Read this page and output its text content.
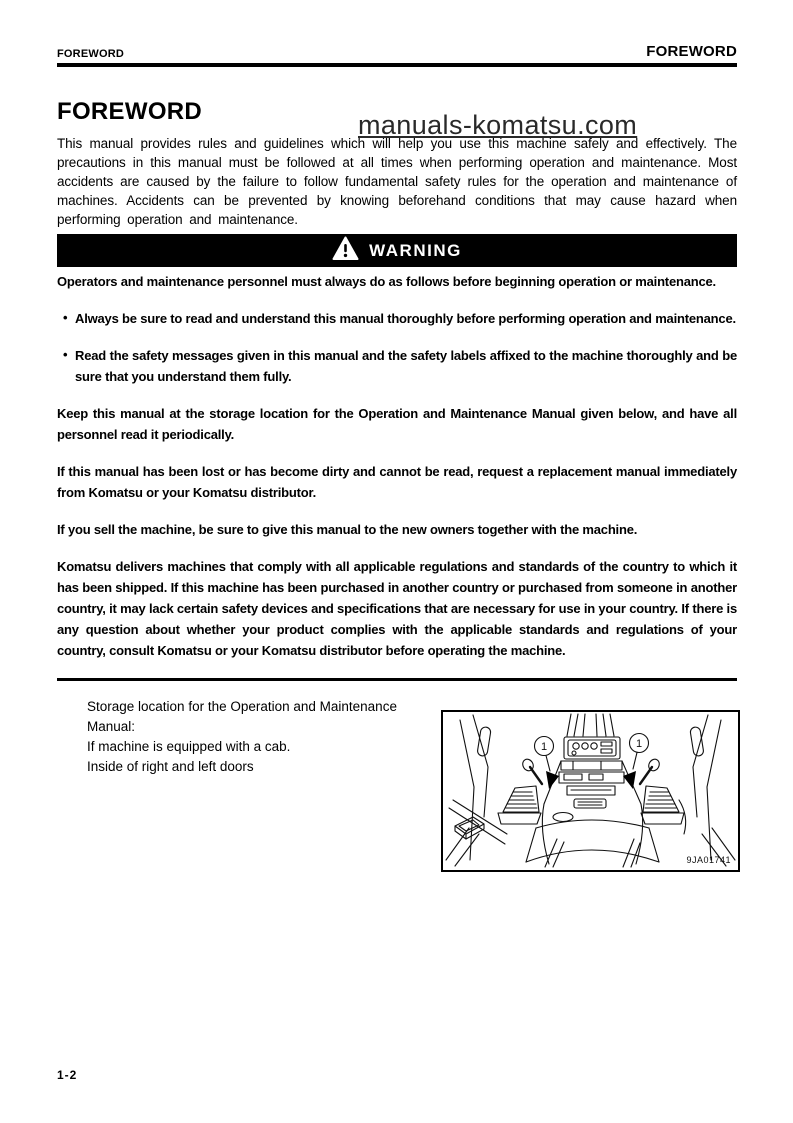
manuals-komatsu.com
FOREWORD	FOREWORD
FOREWORD

This manual provides rules and guidelines which will help you use this machine safely and effectively. The precautions in this manual must be followed at all times when performing operation and maintenance. Most accidents are caused by the failure to follow fundamental safety rules for the operation and maintenance of machines. Accidents can be prevented by knowing beforehand conditions that may cause hazard when performing operation and maintenance.

WARNING

Operators and maintenance personnel must always do as follows before beginning operation or maintenance.

• Always be sure to read and understand this manual thoroughly before performing operation and maintenance.
• Read the safety messages given in this manual and the safety labels affixed to the machine thoroughly and be sure that you understand them fully.

Keep this manual at the storage location for the Operation and Maintenance Manual given below, and have all personnel read it periodically.

If this manual has been lost or has become dirty and cannot be read, request a replacement manual immediately from Komatsu or your Komatsu distributor.

If you sell the machine, be sure to give this manual to the new owners together with the machine.

Komatsu delivers machines that comply with all applicable regulations and standards of the country to which it has been shipped. If this machine has been purchased in another country or purchased from someone in another country, it may lack certain safety devices and specifications that are necessary for use in your country. If there is any question about whether your product complies with the applicable standards and regulations of your country, consult Komatsu or your Komatsu distributor before operating the machine.

Storage location for the Operation and Maintenance Manual:
If machine is equipped with a cab.
Inside of right and left doors
1	1
9JA01741
1-2
